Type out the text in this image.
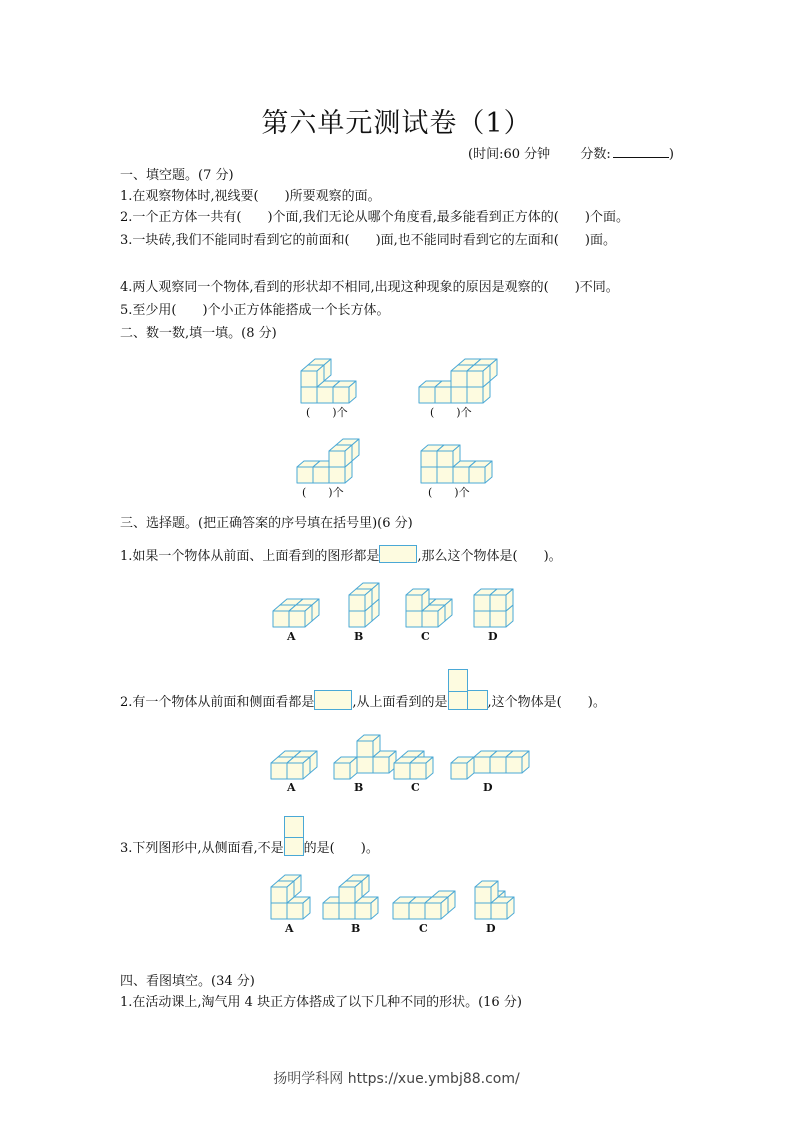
第六单元测试卷（1）
(时间:60 分钟 分数:	)
一、填空题。(7 分)
1.在观察物体时,视线要(　　)所要观察的面。
2.一个正方体一共有(　　)个面,我们无论从哪个角度看,最多能看到正方体的(　　)个面。
3.一块砖,我们不能同时看到它的前面和(　　)面,也不能同时看到它的左面和(　　)面。
4.两人观察同一个物体,看到的形状却不相同,出现这种现象的原因是观察的(　　)不同。
5.至少用(　　)个小正方体能搭成一个长方体。
二、数一数,填一填。(8 分)
(　　)个	(　　)个
(　　)个	(　　)个
三、选择题。(把正确答案的序号填在括号里)(6 分)
1.如果一个物体从前面、上面看到的图形都是	,那么这个物体是(　　)。
A	B	C	D
2.有一个物体从前面和侧面看都是	,从上面看到的是	,这个物体是(　　)。
A	B	C	D
3.下列图形中,从侧面看,不是 的是(　　)。
A	B	C	D
四、看图填空。(34 分)
1.在活动课上,淘气用 4 块正方体搭成了以下几种不同的形状。(16 分)
扬明学科网 https://xue.ymbj88.com/
